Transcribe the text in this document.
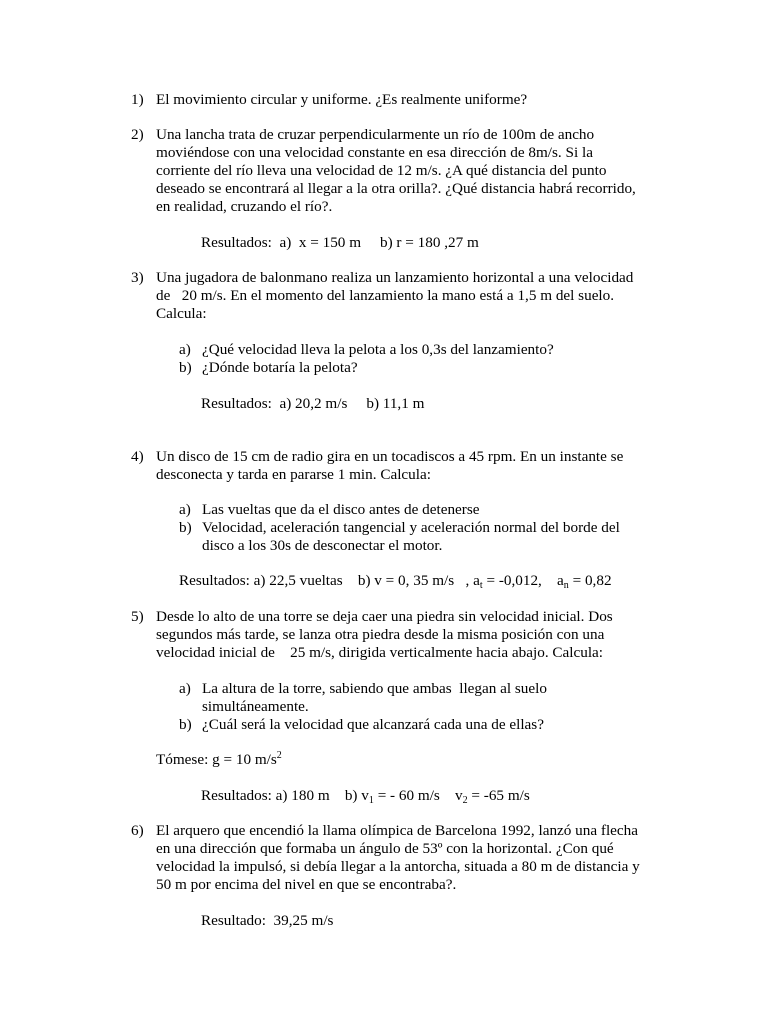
1) El movimiento circular y uniforme. ¿Es realmente uniforme?
2) Una lancha trata de cruzar perpendicularmente un río de 100m de ancho
moviéndose con una velocidad constante en esa dirección de 8m/s. Si la
corriente del río lleva una velocidad de 12 m/s. ¿A qué distancia del punto
deseado se encontrará al llegar a la otra orilla?. ¿Qué distancia habrá recorrido,
en realidad, cruzando el río?.
Resultados:  a)  x = 150 m     b) r = 180 ,27 m
3) Una jugadora de balonmano realiza un lanzamiento horizontal a una velocidad
de   20 m/s. En el momento del lanzamiento la mano está a 1,5 m del suelo.
Calcula:
a) ¿Qué velocidad lleva la pelota a los 0,3s del lanzamiento?
b) ¿Dónde botaría la pelota?
Resultados:  a) 20,2 m/s     b) 11,1 m
4) Un disco de 15 cm de radio gira en un tocadiscos a 45 rpm. En un instante se
desconecta y tarda en pararse 1 min. Calcula:
a) Las vueltas que da el disco antes de detenerse
b) Velocidad, aceleración tangencial y aceleración normal del borde del
disco a los 30s de desconectar el motor.
Resultados: a) 22,5 vueltas    b) v = 0, 35 m/s   , $a_t = -0,012$,    $a_n = 0,82$
5) Desde lo alto de una torre se deja caer una piedra sin velocidad inicial. Dos
segundos más tarde, se lanza otra piedra desde la misma posición con una
velocidad inicial de    25 m/s, dirigida verticalmente hacia abajo. Calcula:
a) La altura de la torre, sabiendo que ambas  llegan al suelo
simultáneamente.
b) ¿Cuál será la velocidad que alcanzará cada una de ellas?
Tómese: g = 10 $m/s^2$
Resultados: a) 180 m    b) $v_1$ = - 60 m/s    $v_2 = -65$ m/s
6) El arquero que encendió la llama olímpica de Barcelona 1992, lanzó una flecha
en una dirección que formaba un ángulo de 53º con la horizontal. ¿Con qué
velocidad la impulsó, si debía llegar a la antorcha, situada a 80 m de distancia y
50 m por encima del nivel en que se encontraba?.
Resultado:  39,25 m/s
